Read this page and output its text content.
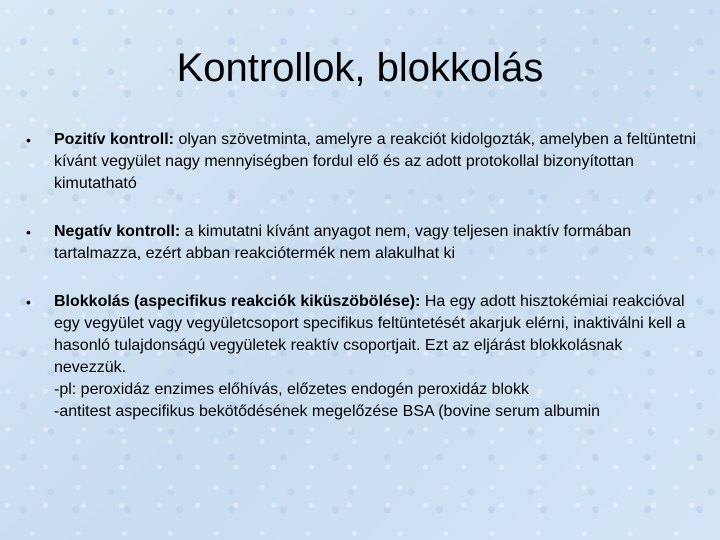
Kontrollok, blokkolás
• Pozitív kontroll: olyan szövetminta, amelyre a reakciót kidolgozták, amelyben a feltüntetni kívánt vegyület nagy mennyiségben fordul elő és az adott protokollal bizonyítottan kimutatható
• Negatív kontroll: a kimutatni kívánt anyagot nem, vagy teljesen inaktív formában tartalmazza, ezért abban reakciótermék nem alakulhat ki
• Blokkolás (aspecifikus reakciók kiküszöbölése): Ha egy adott hisztokémiai reakcióval egy vegyület vagy vegyületcsoport specifikus feltüntetését akarjuk elérni, inaktiválni kell a hasonló tulajdonságú vegyületek reaktív csoportjait. Ezt az eljárást blokkolásnak nevezzük.
-pl: peroxidáz enzimes előhívás, előzetes endogén peroxidáz blokk
-antitest aspecifikus bekötődésének megelőzése BSA (bovine serum albumin
